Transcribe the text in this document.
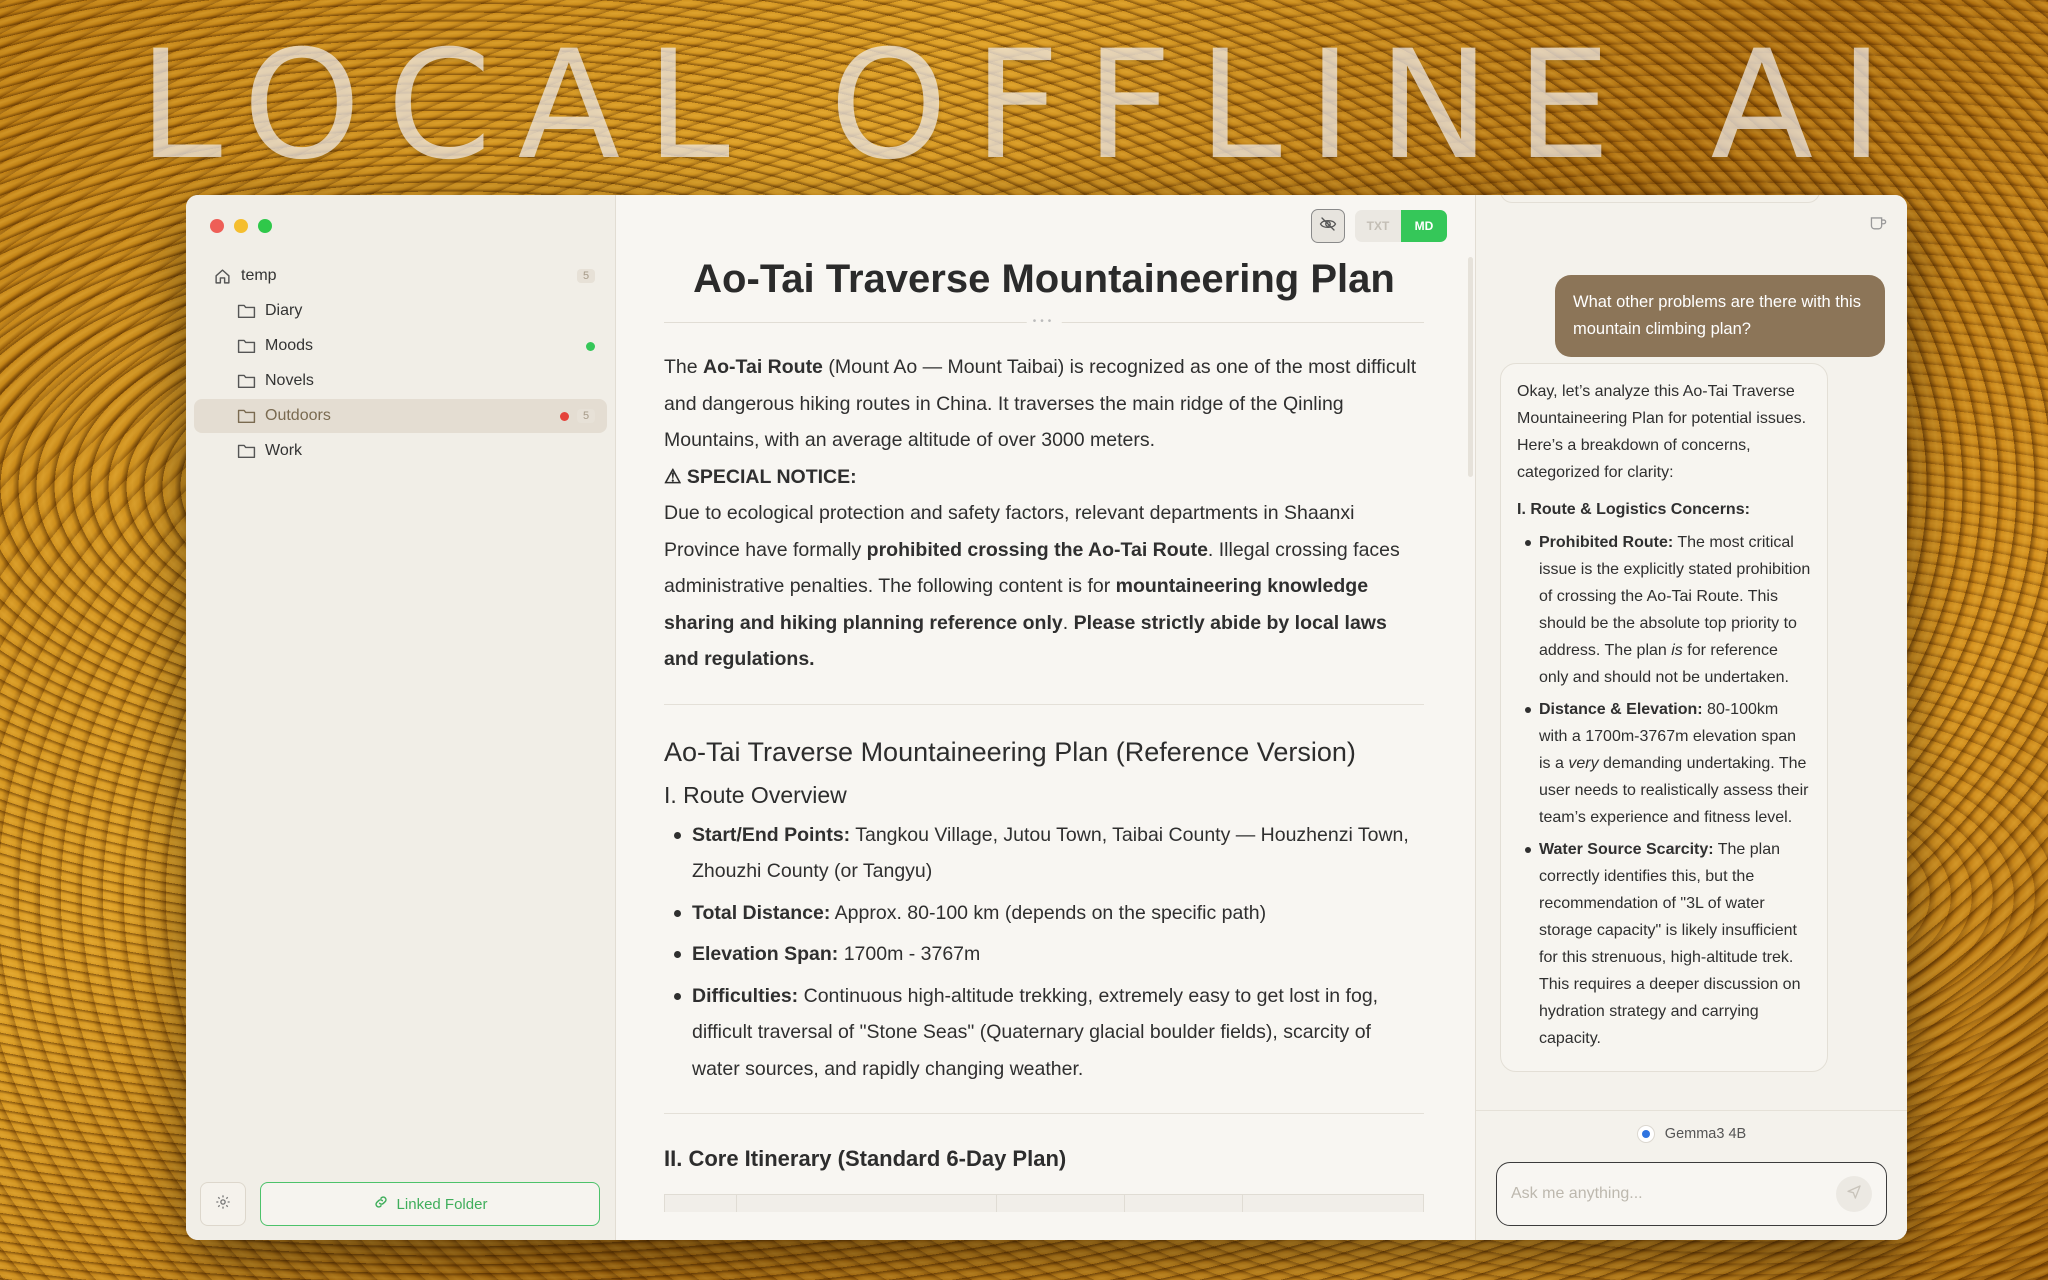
LOCAL OFFLINE AI
temp	5
Diary
Moods
Novels
Outdoors	5
Work
Linked Folder
TXT	MD
Ao-Tai Traverse Mountaineering Plan
•••

The Ao-Tai Route (Mount Ao — Mount Taibai) is recognized as one of the most difficult and dangerous hiking routes in China. It traverses the main ridge of the Qinling Mountains, with an average altitude of over 3000 meters.

⚠ SPECIAL NOTICE:

Due to ecological protection and safety factors, relevant departments in Shaanxi Province have formally prohibited crossing the Ao-Tai Route. Illegal crossing faces administrative penalties. The following content is for mountaineering knowledge sharing and hiking planning reference only. Please strictly abide by local laws and regulations.

Ao-Tai Traverse Mountaineering Plan (Reference Version)
I. Route Overview
Start/End Points: Tangkou Village, Jutou Town, Taibai County — Houzhenzi Town, Zhouzhi County (or Tangyu)
Total Distance: Approx. 80-100 km (depends on the specific path)
Elevation Span: 1700m - 3767m
Difficulties: Continuous high-altitude trekking, extremely easy to get lost in fog, difficult traversal of "Stone Seas" (Quaternary glacial boulder fields), scarcity of water sources, and rapidly changing weather.
II. Core Itinerary (Standard 6-Day Plan)
What other problems are there with this mountain climbing plan?
Okay, let’s analyze this Ao-Tai Traverse Mountaineering Plan for potential issues. Here’s a breakdown of concerns, categorized for clarity:
I. Route & Logistics Concerns:
Prohibited Route: The most critical issue is the explicitly stated prohibition of crossing the Ao-Tai Route. This should be the absolute top priority to address. The plan is for reference only and should not be undertaken.
Distance & Elevation: 80-100km with a 1700m-3767m elevation span is a very demanding undertaking. The user needs to realistically assess their team’s experience and fitness level.
Water Source Scarcity: The plan correctly identifies this, but the recommendation of "3L of water storage capacity" is likely insufficient for this strenuous, high-altitude trek. This requires a deeper discussion on hydration strategy and carrying capacity.
Gemma3 4B
Ask me anything...
